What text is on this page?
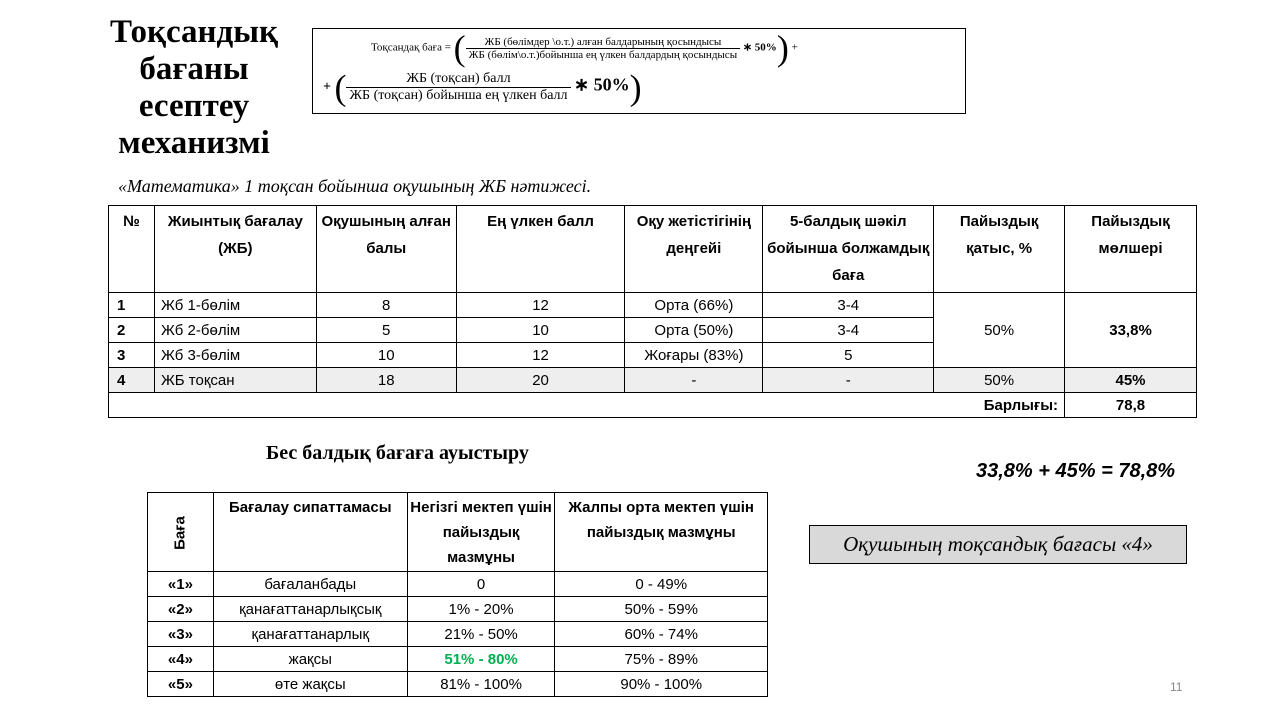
Тоқсандық
бағаны
есептеу
механизмі
Тоқсандақ баға = ( $\frac{\text{ЖБ (бөлімдер \textbackslash{}о.т.) алған балдарының қосындысы}}{\text{ЖБ (бөлім\textbackslash{}о.т.)бойынша ең үлкен балдардың қосындысы}}$ ∗ 50%) +
+ ( $\frac{\text{ЖБ (тоқсан) балл}}{\text{ЖБ (тоқсан) бойынша ең үлкен балл}}$ ∗ 50%)
«Математика» 1 тоқсан бойынша оқушының ЖБ нәтижесі.
№	Жиынтық бағалау (ЖБ)	Оқушының алған балы	Ең үлкен балл	Оқу жетістігінің деңгейі	5-балдық шәкіл бойынша болжамдық баға	Пайыздық қатыс, %	Пайыздық мөлшері
1	Жб 1-бөлім	8	12	Орта (66%)	3-4	50%	33,8%
2	Жб 2-бөлім	5	10	Орта (50%)	3-4		
3	Жб 3-бөлім	10	12	Жоғары (83%)	5		
4	ЖБ тоқсан	18	20	-	-	50%	45%
Барлығы:							78,8
Бес балдық бағаға ауыстыру
33,8% + 45% = 78,8%
Оқушының тоқсандық бағасы «4»
Баға	Бағалау сипаттамасы	Негізгі мектеп үшін пайыздық мазмұны	Жалпы орта мектеп үшін пайыздық мазмұны
«1»	бағаланбады	0	0 - 49%
«2»	қанағаттанарлықсық	1% - 20%	50% - 59%
«3»	қанағаттанарлық	21% - 50%	60% - 74%
«4»	жақсы	51% - 80%	75% - 89%
«5»	өте жақсы	81% - 100%	90% - 100%	11
